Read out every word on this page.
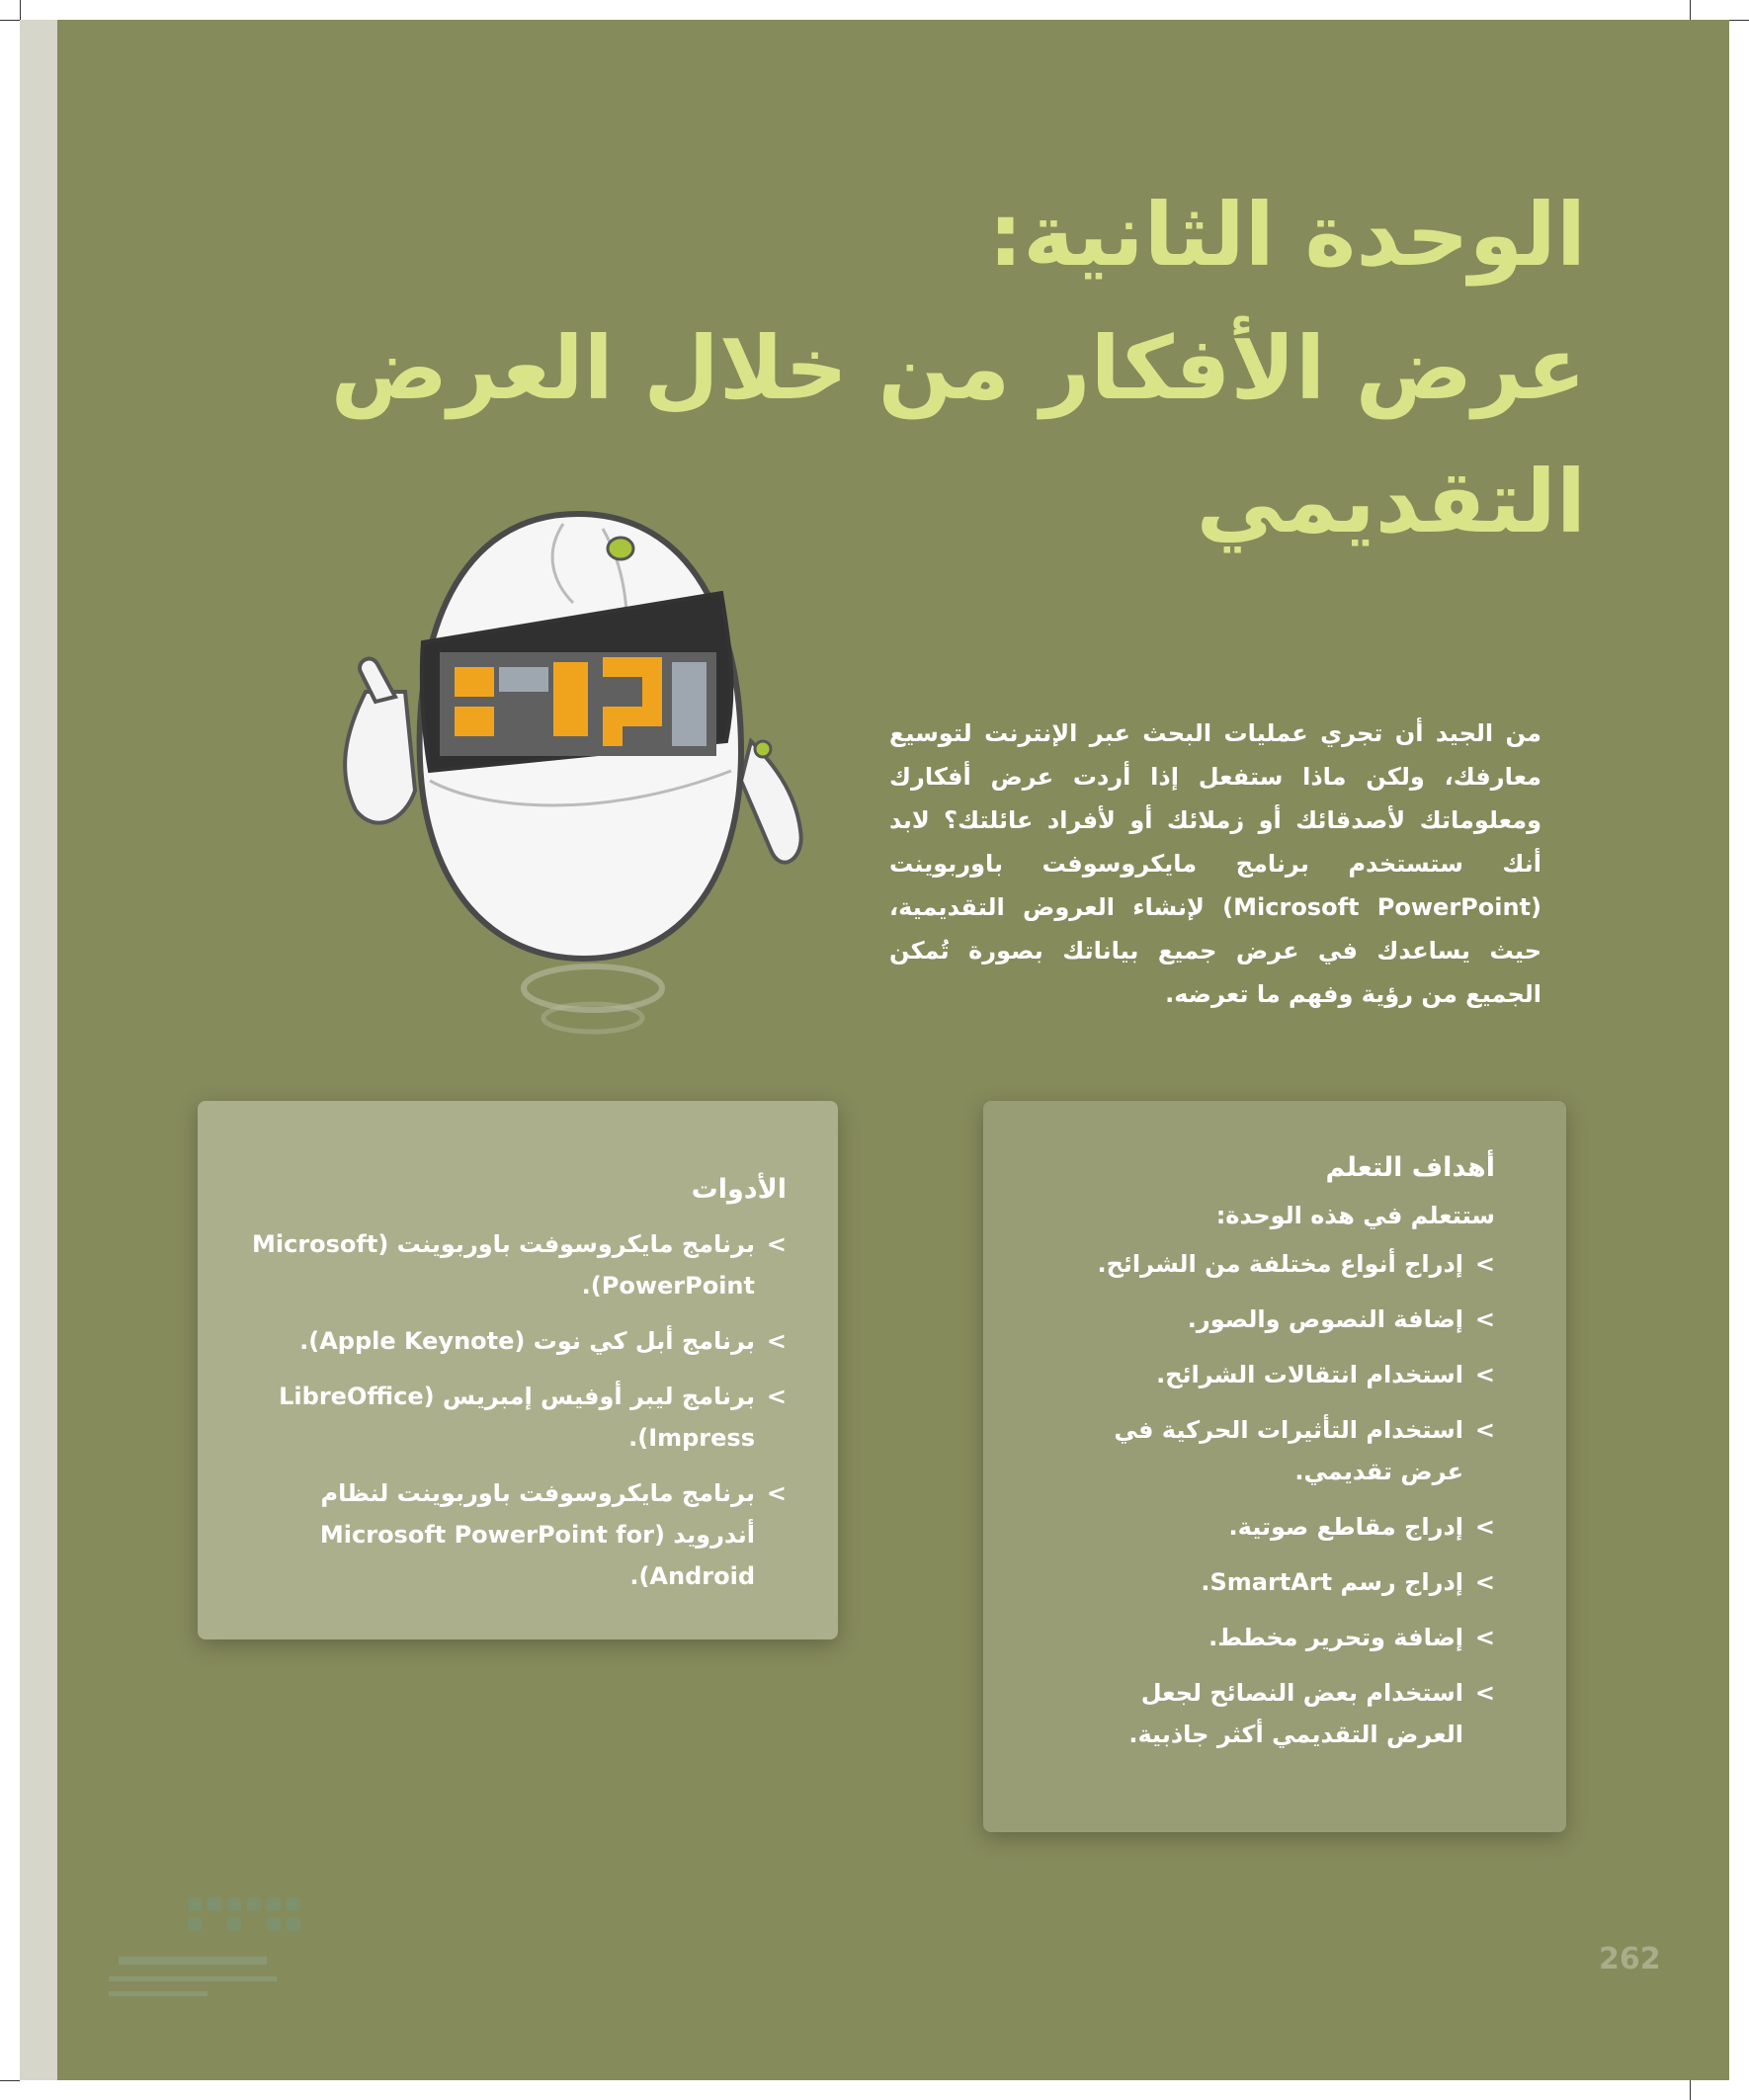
الوحدة الثانية:
عرض الأفكار من خلال العرض
التقديمي
من الجيد أن تجري عمليات البحث عبر الإنترنت لتوسيع معارفك، ولكن ماذا ستفعل إذا أردت عرض أفكارك ومعلوماتك لأصدقائك أو زملائك أو لأفراد عائلتك؟ لابد أنك ستستخدم برنامج مايكروسوفت باوربوينت (Microsoft PowerPoint) لإنشاء العروض التقديمية، حيث يساعدك في عرض جميع بياناتك بصورة تُمكن الجميع من رؤية وفهم ما تعرضه.
أهداف التعلم

ستتعلم في هذه الوحدة:

>
إدراج أنواع مختلفة من الشرائح.
>
إضافة النصوص والصور.
>
استخدام انتقالات الشرائح.
>
استخدام التأثيرات الحركية في عرض تقديمي.
>
إدراج مقاطع صوتية.
>
إدراج رسم SmartArt.
>
إضافة وتحرير مخطط.
>
استخدام بعض النصائح لجعل العرض التقديمي أكثر جاذبية.
الأدوات
>
برنامج مايكروسوفت باوربوينت (Microsoft PowerPoint).
>
برنامج أبل كي نوت (Apple Keynote).
>
برنامج ليبر أوفيس إمبريس (LibreOffice Impress).
>
برنامج مايكروسوفت باوربوينت لنظام أندرويد (Microsoft PowerPoint for Android).
262
